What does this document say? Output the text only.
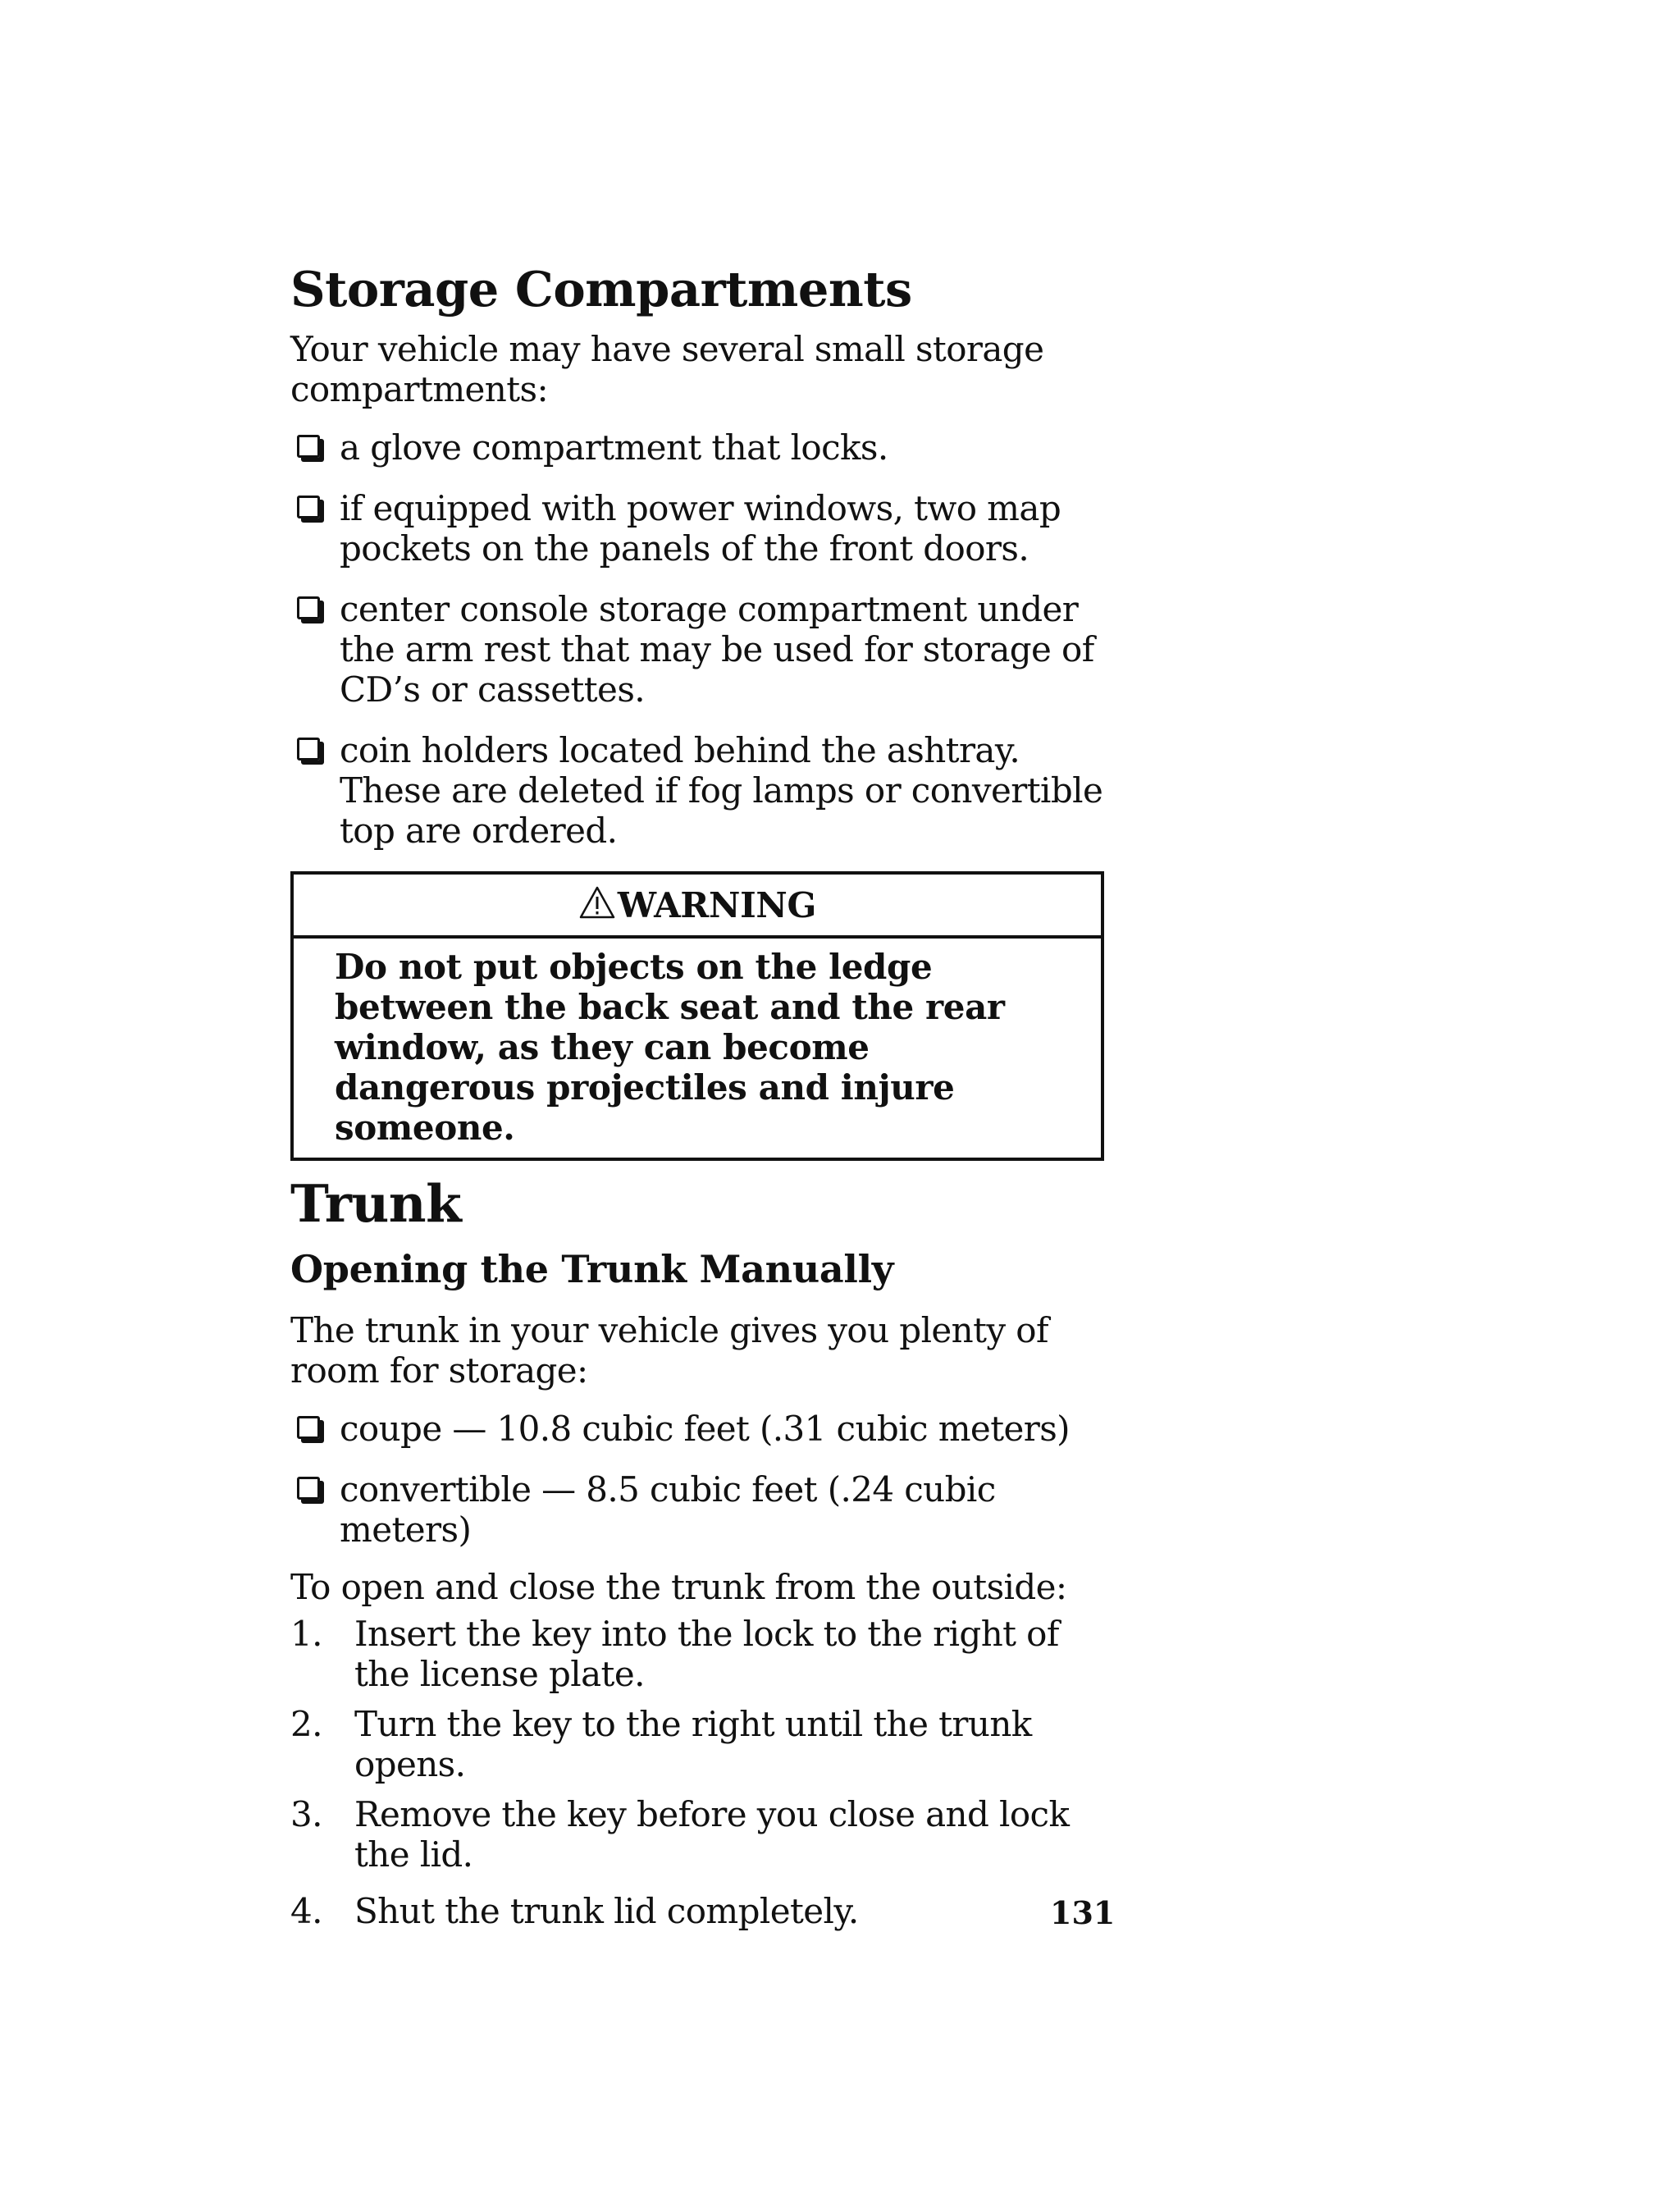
Storage Compartments

Your vehicle may have several small storage compartments:

a glove compartment that locks.
if equipped with power windows, two map pockets on the panels of the front doors.
center console storage compartment under the arm rest that may be used for storage of CD’s or cassettes.
coin holders located behind the ashtray. These are deleted if fog lamps or convertible top are ordered.
WARNING
Do not put objects on the ledge between the back seat and the rear window, as they can become dangerous projectiles and injure someone.
Trunk
Opening the Trunk Manually

The trunk in your vehicle gives you plenty of room for storage:

coupe — 10.8 cubic feet (.31 cubic meters)
convertible — 8.5 cubic feet (.24 cubic meters)

To open and close the trunk from the outside:

1. Insert the key into the lock to the right of the license plate.
2. Turn the key to the right until the trunk opens.
3. Remove the key before you close and lock the lid.
4. Shut the trunk lid completely.	131
